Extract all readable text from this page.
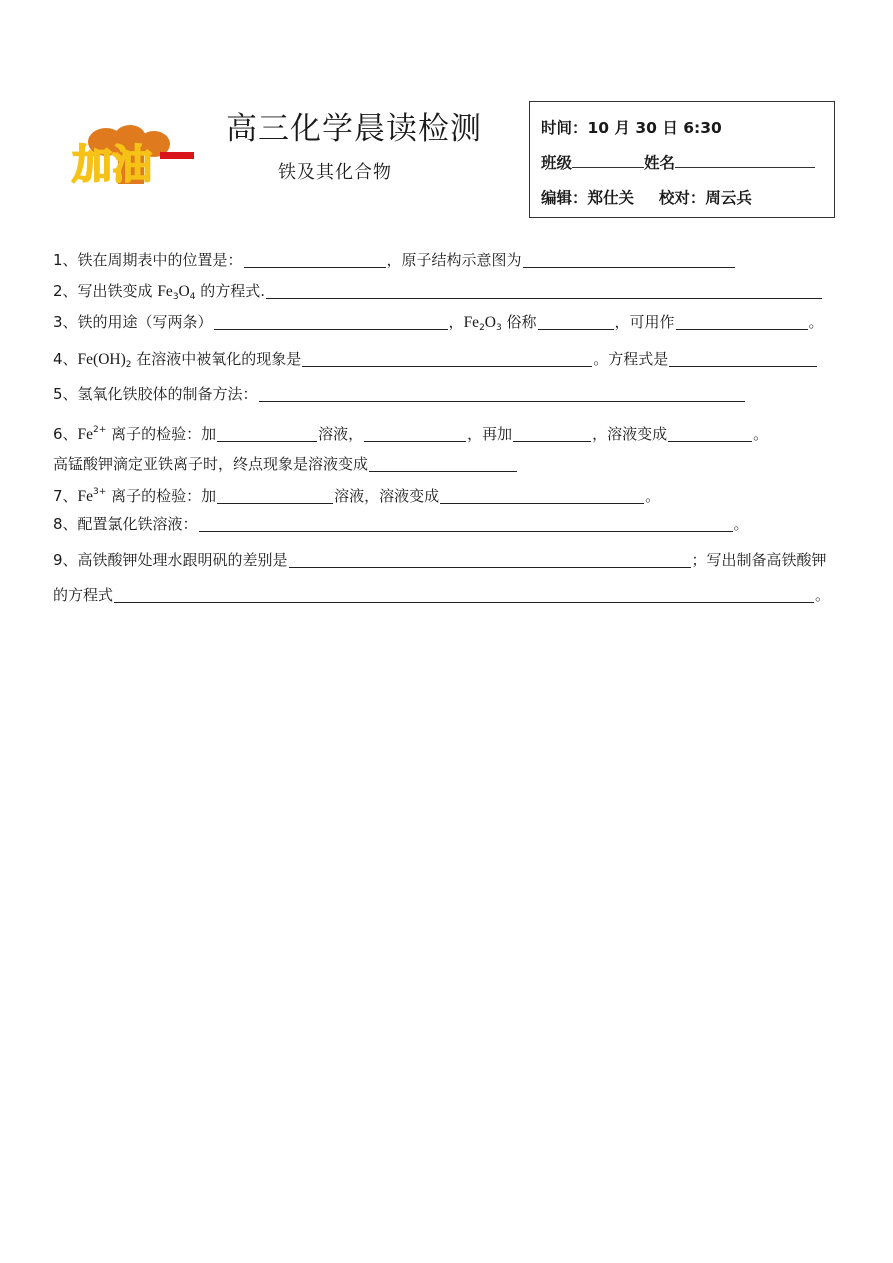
加油
高三化学晨读检测
铁及其化合物
时间：10 月 30 日 6:30
班级	姓名
编辑：郑仕关 校对：周云兵
1、铁在周期表中的位置是：	，原子结构示意图为
2、写出铁变成 $Fe_3O_4$ 的方程式.
3、铁的用途（写两条）	，$Fe_2O_3$ 俗称	，可用作	。
4、$Fe(OH)_2$ 在溶液中被氧化的现象是	。方程式是
5、氢氧化铁胶体的制备方法：
6、$Fe^{2+}$ 离子的检验：加	溶液，	，再加	，溶液变成	。
高锰酸钾滴定亚铁离子时，终点现象是溶液变成
7、$Fe^{3+}$ 离子的检验：加	溶液，溶液变成	。
8、配置氯化铁溶液：	。
9、高铁酸钾处理水跟明矾的差别是	；写出制备高铁酸钾
的方程式	。
